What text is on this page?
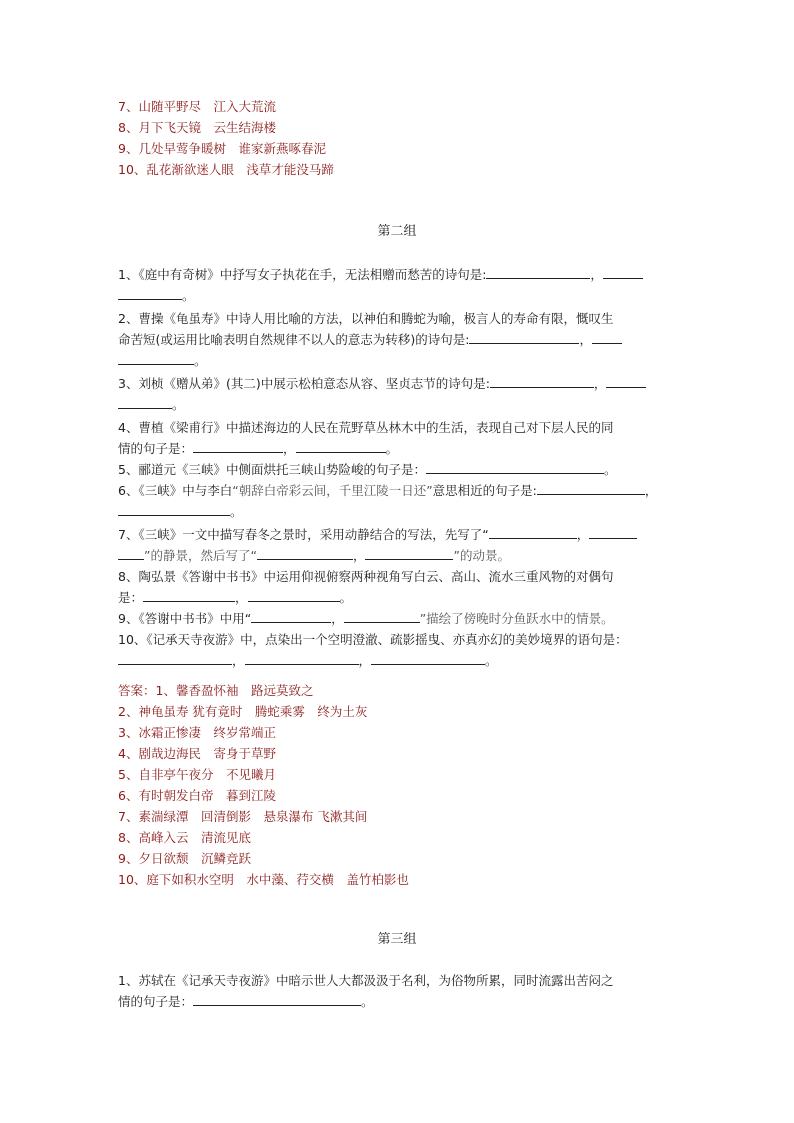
7、山随平野尽　江入大荒流
8、月下飞天镜　云生结海楼
9、几处早莺争暖树　谁家新燕啄春泥
10、乱花渐欲迷人眼　浅草才能没马蹄
第二组
1、《庭中有奇树》中抒写女子执花在手，无法相赠而愁苦的诗句是:	，
。
2、曹操《龟虽寿》中诗人用比喻的方法，以神伯和腾蛇为喻，极言人的寿命有限，慨叹生
命苦短(或运用比喻表明自然规律不以人的意志为转移)的诗句是:	，
。
3、刘桢《赠从弟》(其二)中展示松柏意态从容、坚贞志节的诗句是:	，
。
4、曹植《梁甫行》中描述海边的人民在荒野草丛林木中的生活，表现自己对下层人民的同
情的句子是：	，	。
5、郦道元《三峡》中侧面烘托三峡山势险峻的句子是：	。
6、《三峡》中与李白“朝辞白帝彩云间，千里江陵一日还”意思相近的句子是:	，
。
7、《三峡》一文中描写春冬之景时，采用动静结合的写法，先写了“	，
”的静景，然后写了“	，	”的动景。
8、陶弘景《答谢中书书》中运用仰视俯察两种视角写白云、高山、流水三重风物的对偶句
是：	，	。
9、《答谢中书书》中用“	，	”描绘了傍晚时分鱼跃水中的情景。
10、《记承天寺夜游》中，点染出一个空明澄澈、疏影摇曳、亦真亦幻的美妙境界的语句是：
，	，	。
答案：1、馨香盈怀袖　路远莫致之
2、神龟虽寿 犹有竟时　腾蛇乘雾　终为土灰
3、冰霜正惨凄　终岁常端正
4、剧哉边海民　寄身于草野
5、自非亭午夜分　不见曦月
6、有时朝发白帝　暮到江陵
7、素湍绿潭　回清倒影　悬泉瀑布 飞漱其间
8、高峰入云　清流见底
9、夕日欲颓　沉鳞竞跃
10、庭下如积水空明　水中藻、荇交横　盖竹柏影也
第三组
1、苏轼在《记承天寺夜游》中暗示世人大都汲汲于名利，为俗物所累，同时流露出苦闷之
情的句子是：	。
